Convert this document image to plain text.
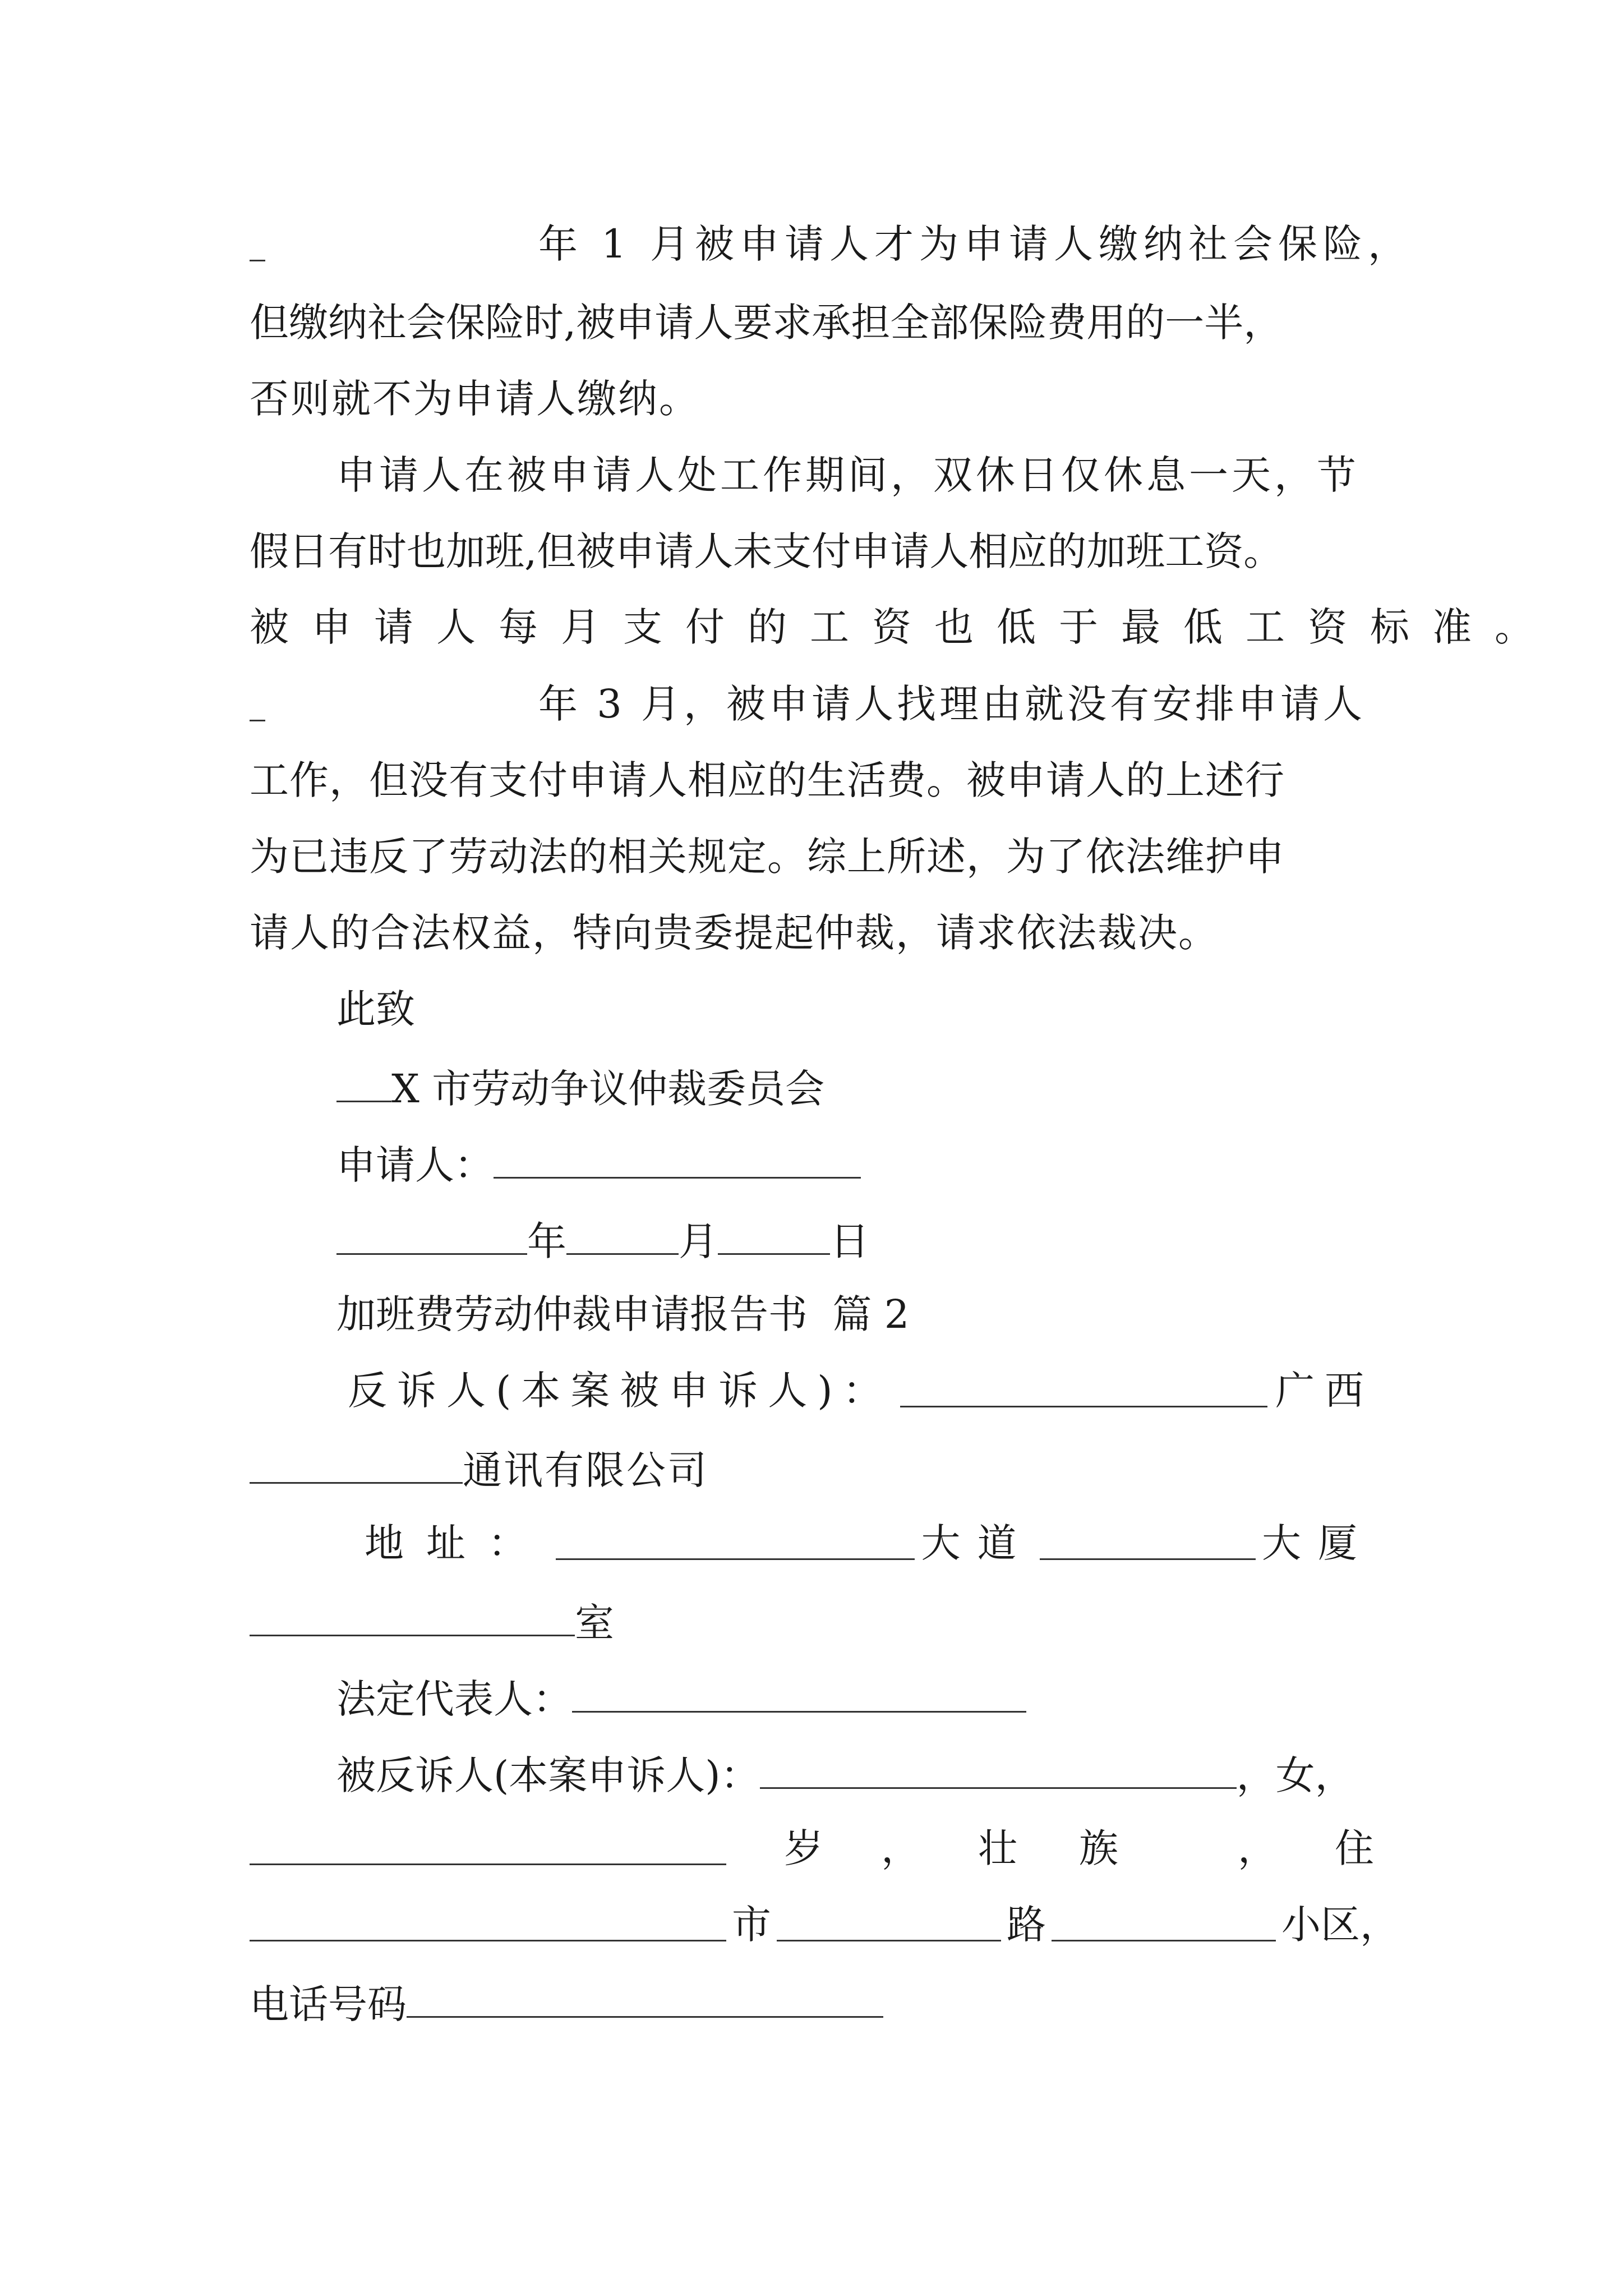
年 1 月被申请人才为申请人缴纳社会保险，
但缴纳社会保险时,被申请人要求承担全部保险费用的一半，
否则就不为申请人缴纳。
申请人在被申请人处工作期间，双休日仅休息一天，节
假日有时也加班,但被申请人未支付申请人相应的加班工资。
被申请人每月支付的工资也低于最低工资标准。
年 3 月，被申请人找理由就没有安排申请人
工作，但没有支付申请人相应的生活费。被申请人的上述行
为已违反了劳动法的相关规定。综上所述，为了依法维护申
请人的合法权益，特向贵委提起仲裁，请求依法裁决。
此致
X 市劳动争议仲裁委员会
申请人：
年	月	日
加班费劳动仲裁申请报告书  篇 2
反诉人(本案被申诉人)：	广西
通讯有限公司
地址：	大道	大厦
室
法定代表人：
被反诉人(本案申诉人)：	，女，
岁 ， 壮族 ， 住
市	路	小区，
电话号码
